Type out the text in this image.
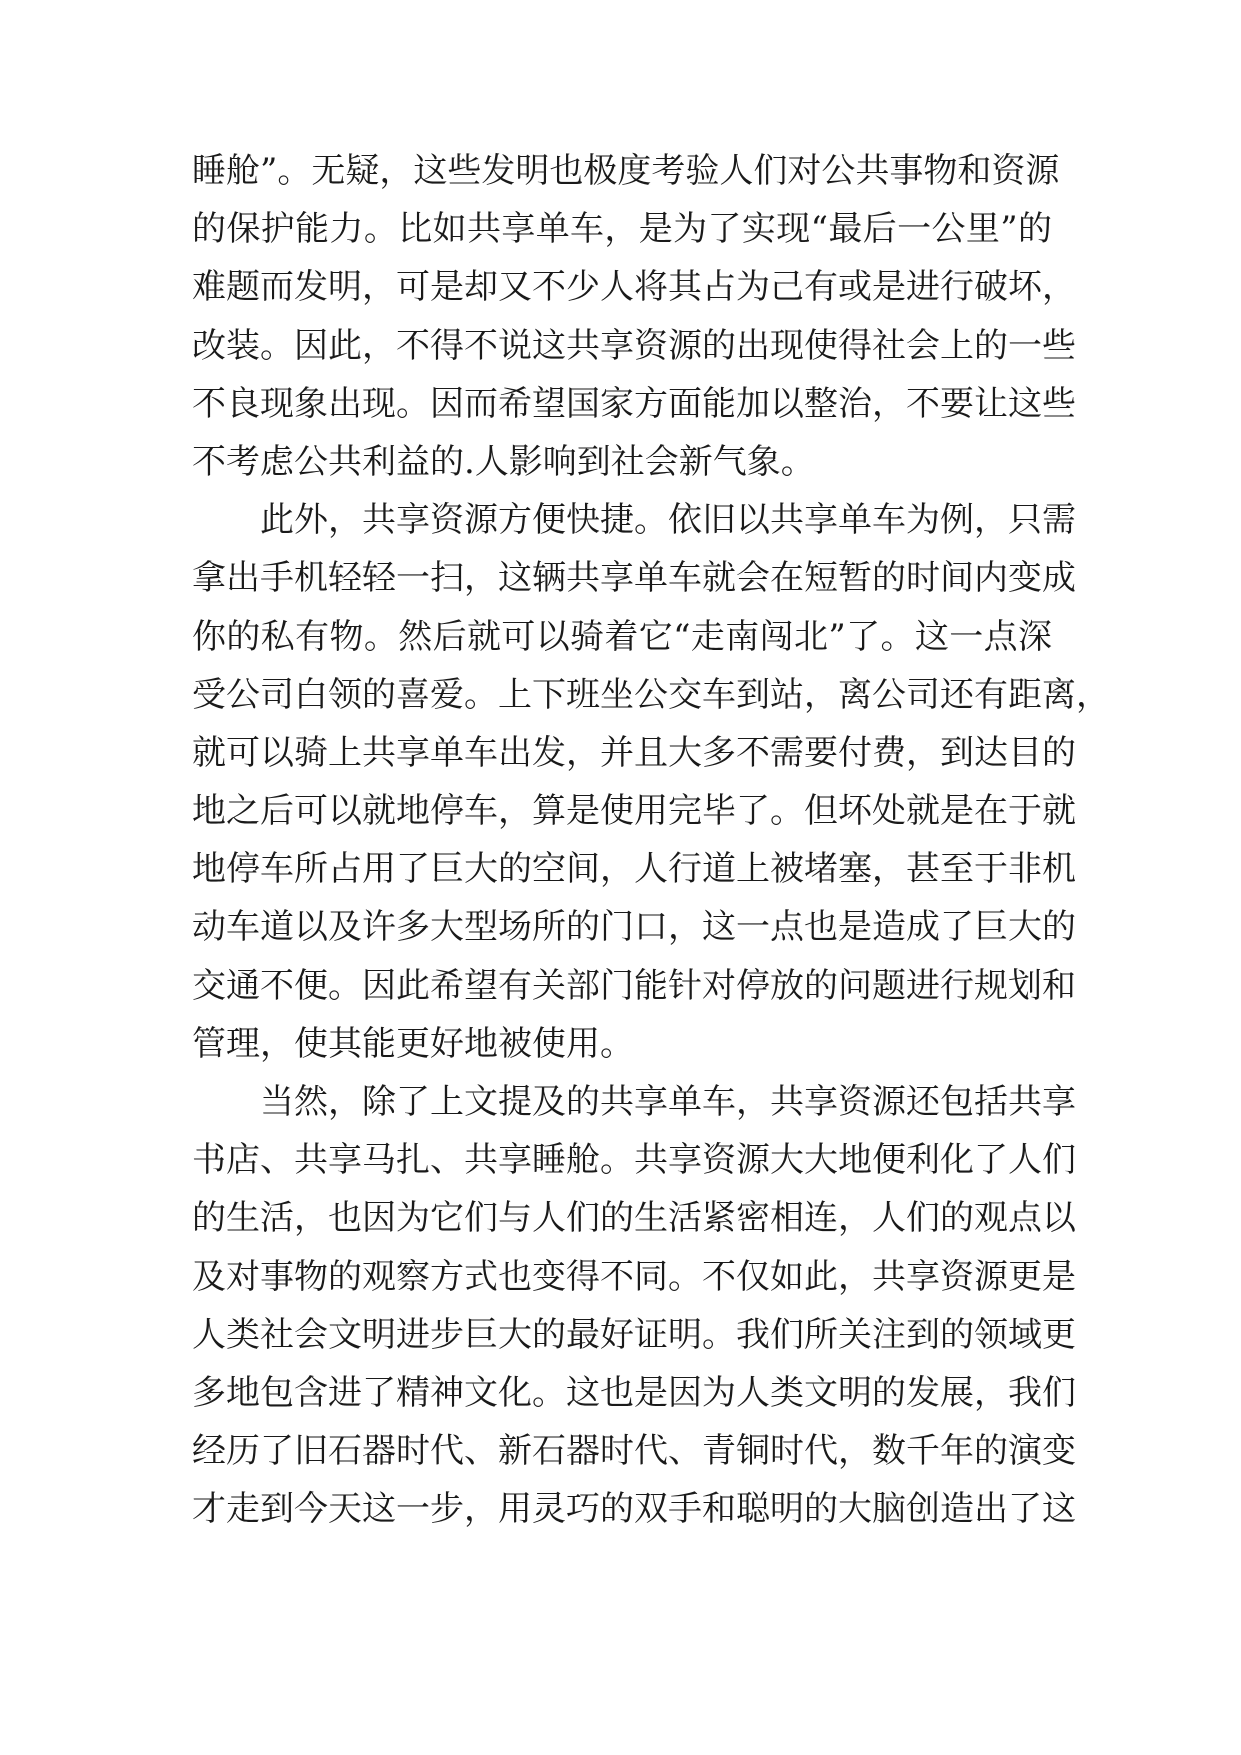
睡舱”。无疑，这些发明也极度考验人们对公共事物和资源
的保护能力。比如共享单车，是为了实现“最后一公里”的
难题而发明，可是却又不少人将其占为己有或是进行破坏，
改装。因此，不得不说这共享资源的出现使得社会上的一些
不良现象出现。因而希望国家方面能加以整治，不要让这些
不考虑公共利益的.人影响到社会新气象。
此外，共享资源方便快捷。依旧以共享单车为例，只需
拿出手机轻轻一扫，这辆共享单车就会在短暂的时间内变成
你的私有物。然后就可以骑着它“走南闯北”了。这一点深
受公司白领的喜爱。上下班坐公交车到站，离公司还有距离，
就可以骑上共享单车出发，并且大多不需要付费，到达目的
地之后可以就地停车，算是使用完毕了。但坏处就是在于就
地停车所占用了巨大的空间，人行道上被堵塞，甚至于非机
动车道以及许多大型场所的门口，这一点也是造成了巨大的
交通不便。因此希望有关部门能针对停放的问题进行规划和
管理，使其能更好地被使用。
当然，除了上文提及的共享单车，共享资源还包括共享
书店、共享马扎、共享睡舱。共享资源大大地便利化了人们
的生活，也因为它们与人们的生活紧密相连，人们的观点以
及对事物的观察方式也变得不同。不仅如此，共享资源更是
人类社会文明进步巨大的最好证明。我们所关注到的领域更
多地包含进了精神文化。这也是因为人类文明的发展，我们
经历了旧石器时代、新石器时代、青铜时代，数千年的演变
才走到今天这一步，用灵巧的双手和聪明的大脑创造出了这
